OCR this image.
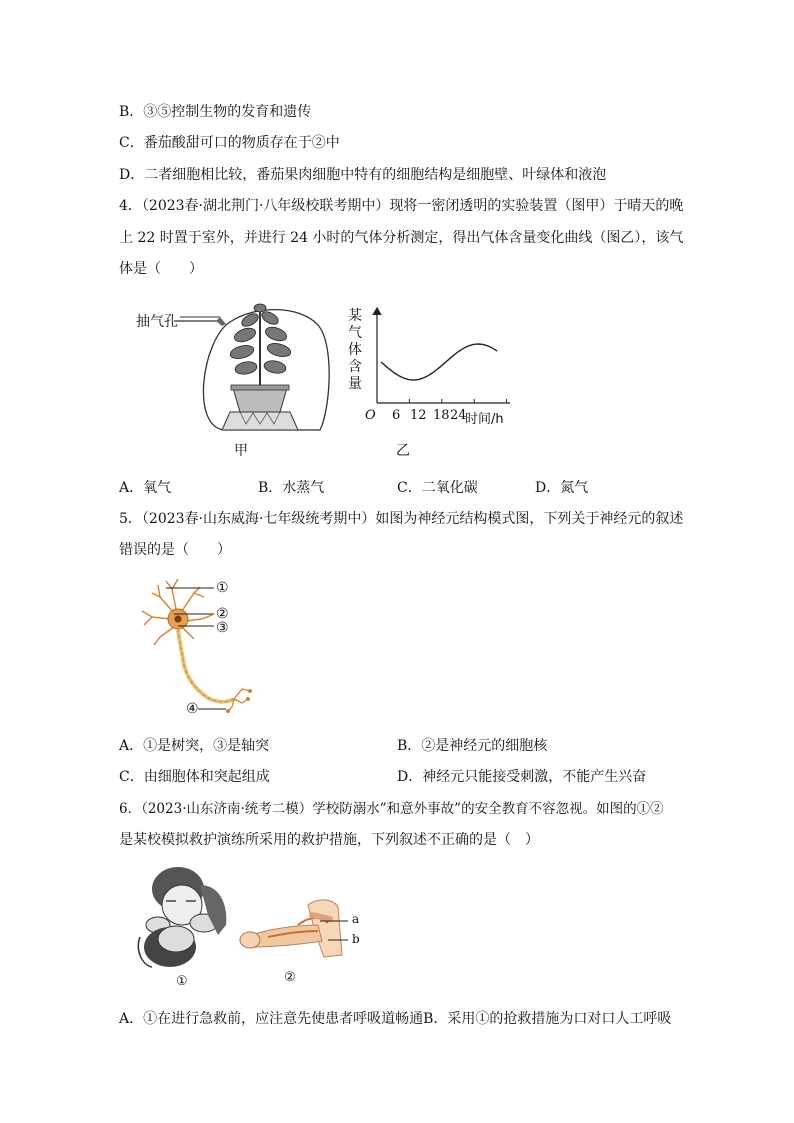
B．③⑤控制生物的发育和遗传
C．番茄酸甜可口的物质存在于②中
D．二者细胞相比较，番茄果肉细胞中特有的细胞结构是细胞壁、叶绿体和液泡
4．（2023春·湖北荆门·八年级校联考期中）现将一密闭透明的实验装置（图甲）于晴天的晚
上 22 时置于室外，并进行 24 小时的气体分析测定，得出气体含量变化曲线（图乙），该气
体是（　　）
抽气孔
甲
某
气
体
含
量
O 6 12 18 24
时间/h
乙
A．氧气	B．水蒸气	C．二氧化碳	D．氮气
5．（2023春·山东威海·七年级统考期中）如图为神经元结构模式图，下列关于神经元的叙述
错误的是（　　）
①
②
③
④
A．①是树突，③是轴突	B．②是神经元的细胞核
C．由细胞体和突起组成	D．神经元只能接受刺激，不能产生兴奋
6．（2023·山东济南·统考二模）学校防溺水”和意外事故”的安全教育不容忽视。如图的①②
是某校模拟救护演练所采用的救护措施，下列叙述不正确的是（　）
①
a
b
②
A．①在进行急救前，应注意先使患者呼吸道畅通B．采用①的抢救措施为口对口人工呼吸
